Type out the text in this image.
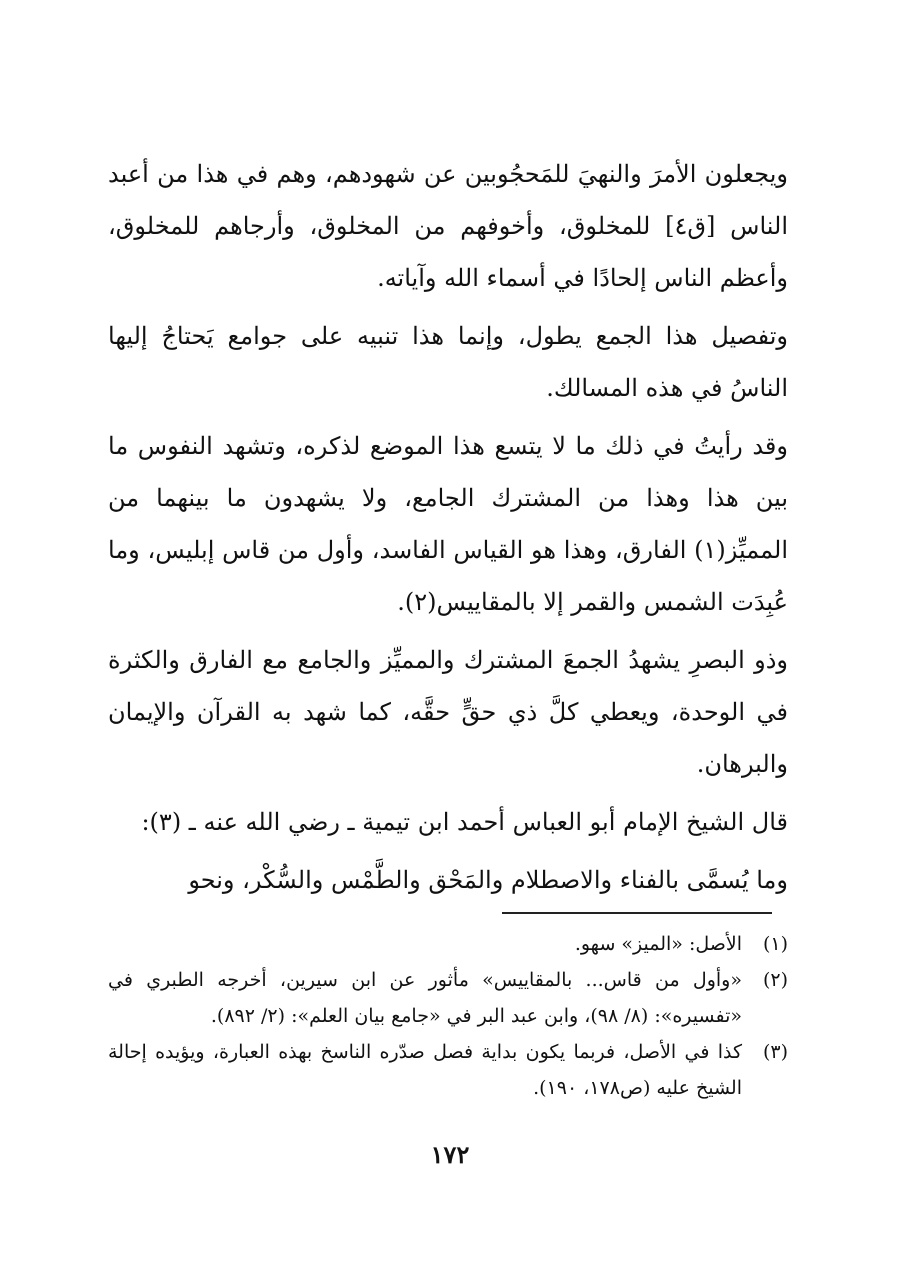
ويجعلون الأمرَ والنهيَ للمَحجُوبين عن شهودهم، وهم في هذا من أعبد الناس [ق٤] للمخلوق، وأخوفهم من المخلوق، وأرجاهم للمخلوق، وأعظم الناس إلحادًا في أسماء الله وآياته.

وتفصيل هذا الجمع يطول، وإنما هذا تنبيه على جوامع يَحتاجُ إليها الناسُ في هذه المسالك.

وقد رأيتُ في ذلك ما لا يتسع هذا الموضع لذكره، وتشهد النفوس ما بين هذا وهذا من المشترك الجامع، ولا يشهدون ما بينهما من المميِّز(١) الفارق، وهذا هو القياس الفاسد، وأول من قاس إبليس، وما عُبِدَت الشمس والقمر إلا بالمقاييس(٢).

وذو البصرِ يشهدُ الجمعَ المشترك والمميِّز والجامع مع الفارق والكثرة في الوحدة، ويعطي كلَّ ذي حقٍّ حقَّه، كما شهد به القرآن والإيمان والبرهان.

قال الشيخ الإمام أبو العباس أحمد ابن تيمية ـ رضي الله عنه ـ (٣):

وما يُسمَّى بالفناء والاصطلام والمَحْق والطَّمْس والسُّكْر، ونحو

(١)
الأصل: «الميز» سهو.

(٢)
«وأول من قاس... بالمقاييس» مأثور عن ابن سيرين، أخرجه الطبري في «تفسيره»: (٨/ ٩٨)، وابن عبد البر في «جامع بيان العلم»: (٢/ ٨٩٢).

(٣)
كذا في الأصل، فربما يكون بداية فصل صدّره الناسخ بهذه العبارة، ويؤيده إحالة الشيخ عليه (ص١٧٨، ١٩٠).

١٧٢
